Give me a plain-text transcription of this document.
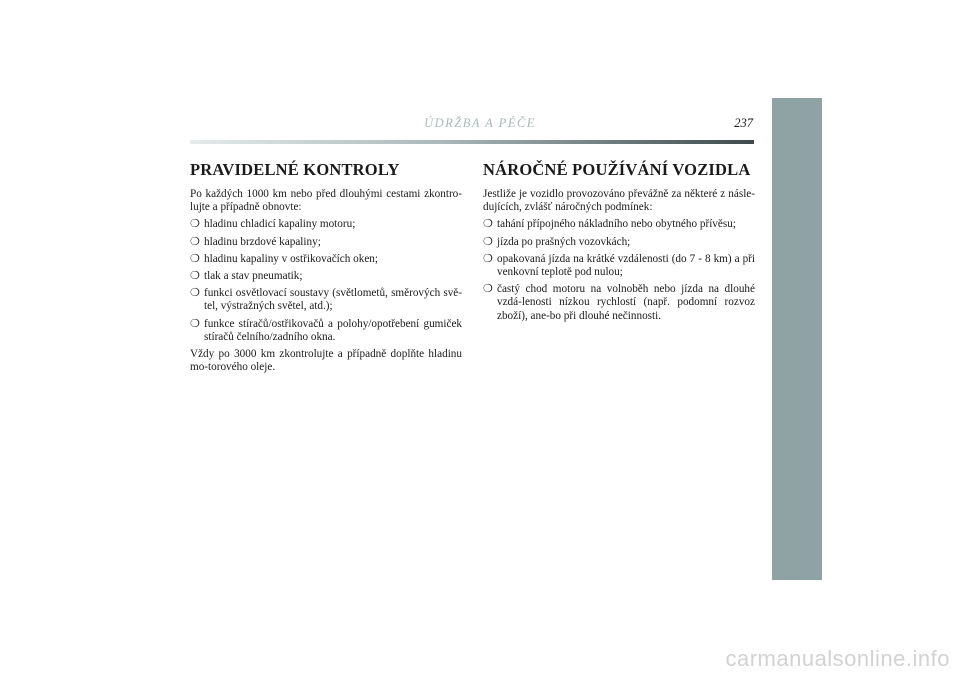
ÚDRŽBA A PÉČE	237
PRAVIDELNÉ KONTROLY

Po každých 1000 km nebo před dlouhými cestami zkontro-lujte a případně obnovte:

❍ hladinu chladicí kapaliny motoru;
❍ hladinu brzdové kapaliny;
❍ hladinu kapaliny v ostřikovačích oken;
❍ tlak a stav pneumatik;
❍ funkci osvětlovací soustavy (světlometů, směrových svě-tel, výstražných světel, atd.);
❍ funkce stíračů/ostřikovačů a polohy/opotřebení gumiček stíračů čelního/zadního okna.

Vždy po 3000 km zkontrolujte a případně doplňte hladinu mo-torového oleje.

NÁROČNÉ POUŽÍVÁNÍ VOZIDLA

Jestliže je vozidlo provozováno převážně za některé z násle-dujících, zvlášť náročných podmínek:

❍ tahání přípojného nákladního nebo obytného přívěsu;
❍ jízda po prašných vozovkách;
❍ opakovaná jízda na krátké vzdálenosti (do 7 - 8 km) a při venkovní teplotě pod nulou;
❍ častý chod motoru na volnoběh nebo jízda na dlouhé vzdá-lenosti nízkou rychlostí (např. podomní rozvoz zboží), ane-bo při dlouhé nečinnosti.
carmanualsonline.info
